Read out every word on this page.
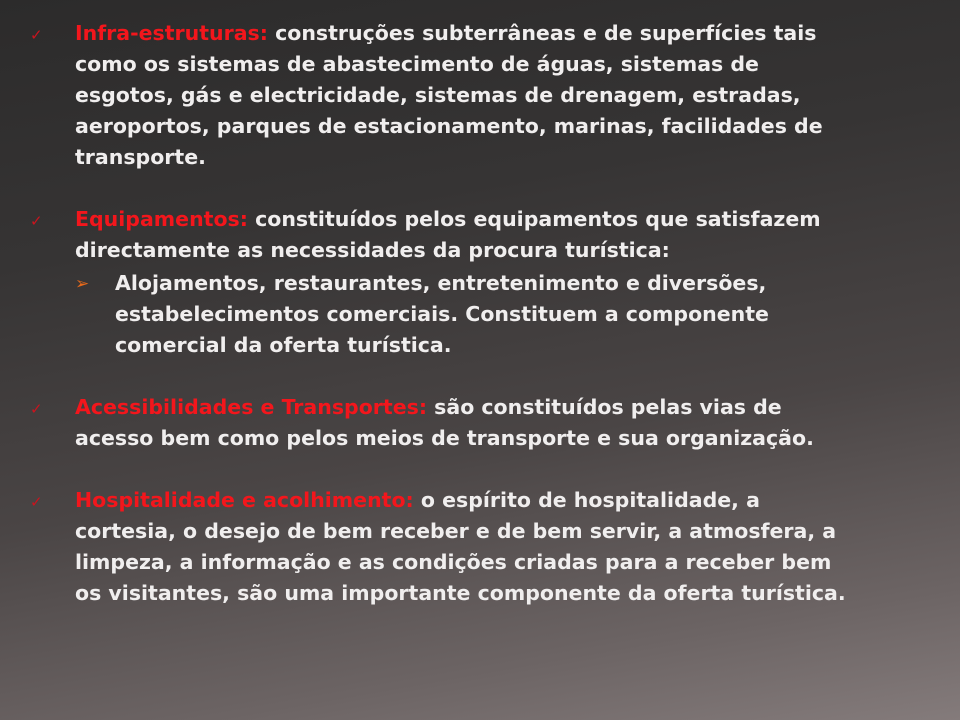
✓ Infra-estruturas: construções subterrâneas e de superfícies tais como os sistemas de abastecimento de águas, sistemas de esgotos, gás e electricidade, sistemas de drenagem, estradas, aeroportos, parques de estacionamento, marinas, facilidades de transporte.
✓ Equipamentos: constituídos pelos equipamentos que satisfazem directamente as necessidades da procura turística:
➢ Alojamentos, restaurantes, entretenimento e diversões, estabelecimentos comerciais. Constituem a componente comercial da oferta turística.
✓ Acessibilidades e Transportes: são constituídos pelas vias de acesso bem como pelos meios de transporte e sua organização.
✓ Hospitalidade e acolhimento: o espírito de hospitalidade, a cortesia, o desejo de bem receber e de bem servir, a atmosfera, a limpeza, a informação e as condições criadas para a receber bem os visitantes, são uma importante componente da oferta turística.
